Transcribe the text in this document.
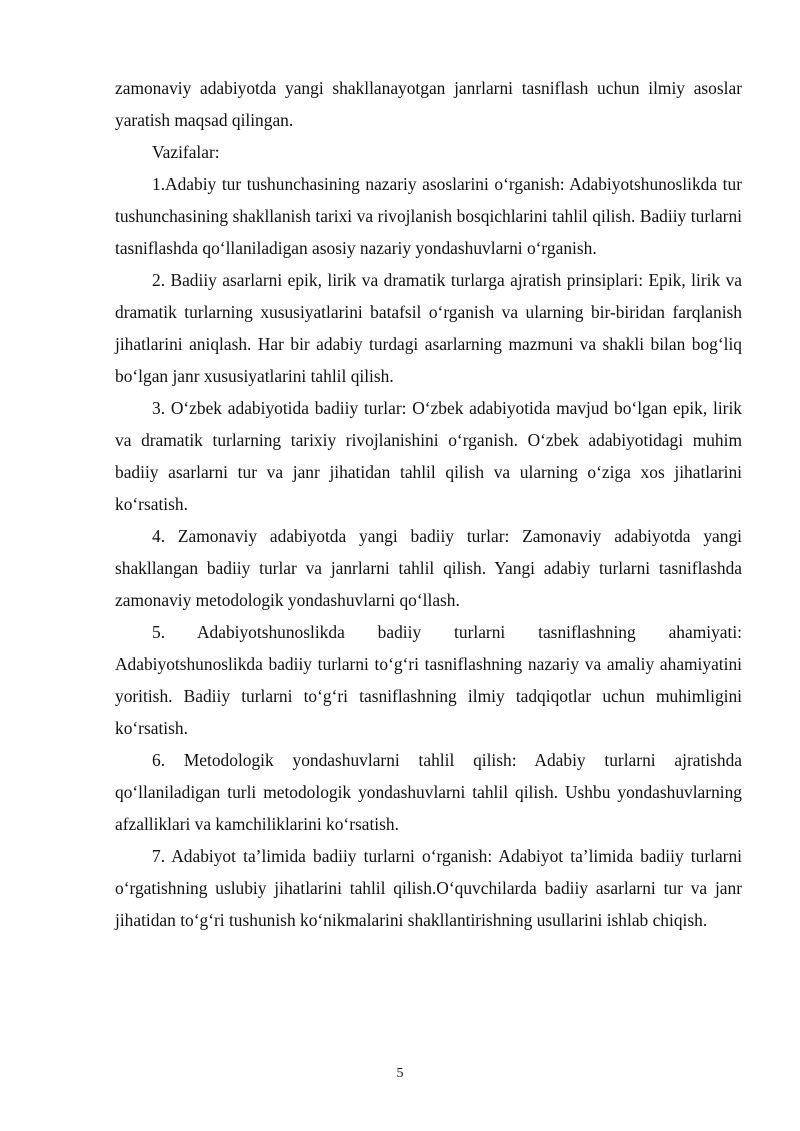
zamonaviy adabiyotda yangi shakllanayotgan janrlarni tasniflash uchun ilmiy asoslar yaratish maqsad qilingan.

Vazifalar:

1.Adabiy tur tushunchasining nazariy asoslarini o‘rganish: Adabiyotshunoslikda tur tushunchasining shakllanish tarixi va rivojlanish bosqichlarini tahlil qilish. Badiiy turlarni tasniflashda qo‘llaniladigan asosiy nazariy yondashuvlarni o‘rganish.

2. Badiiy asarlarni epik, lirik va dramatik turlarga ajratish prinsiplari: Epik, lirik va dramatik turlarning xususiyatlarini batafsil o‘rganish va ularning bir-biridan farqlanish jihatlarini aniqlash. Har bir adabiy turdagi asarlarning mazmuni va shakli bilan bog‘liq bo‘lgan janr xususiyatlarini tahlil qilish.

3. O‘zbek adabiyotida badiiy turlar: O‘zbek adabiyotida mavjud bo‘lgan epik, lirik va dramatik turlarning tarixiy rivojlanishini o‘rganish. O‘zbek adabiyotidagi muhim badiiy asarlarni tur va janr jihatidan tahlil qilish va ularning o‘ziga xos jihatlarini ko‘rsatish.

4. Zamonaviy adabiyotda yangi badiiy turlar: Zamonaviy adabiyotda yangi shakllangan badiiy turlar va janrlarni tahlil qilish. Yangi adabiy turlarni tasniflashda zamonaviy metodologik yondashuvlarni qo‘llash.

5. Adabiyotshunoslikda badiiy turlarni tasniflashning ahamiyati: Adabiyotshunoslikda badiiy turlarni to‘g‘ri tasniflashning nazariy va amaliy ahamiyatini yoritish. Badiiy turlarni to‘g‘ri tasniflashning ilmiy tadqiqotlar uchun muhimligini ko‘rsatish.

6. Metodologik yondashuvlarni tahlil qilish: Adabiy turlarni ajratishda qo‘llaniladigan turli metodologik yondashuvlarni tahlil qilish. Ushbu yondashuvlarning afzalliklari va kamchiliklarini ko‘rsatish.

7. Adabiyot ta’limida badiiy turlarni o‘rganish: Adabiyot ta’limida badiiy turlarni o‘rgatishning uslubiy jihatlarini tahlil qilish.O‘quvchilarda badiiy asarlarni tur va janr jihatidan to‘g‘ri tushunish ko‘nikmalarini shakllantirishning usullarini ishlab chiqish.

5
